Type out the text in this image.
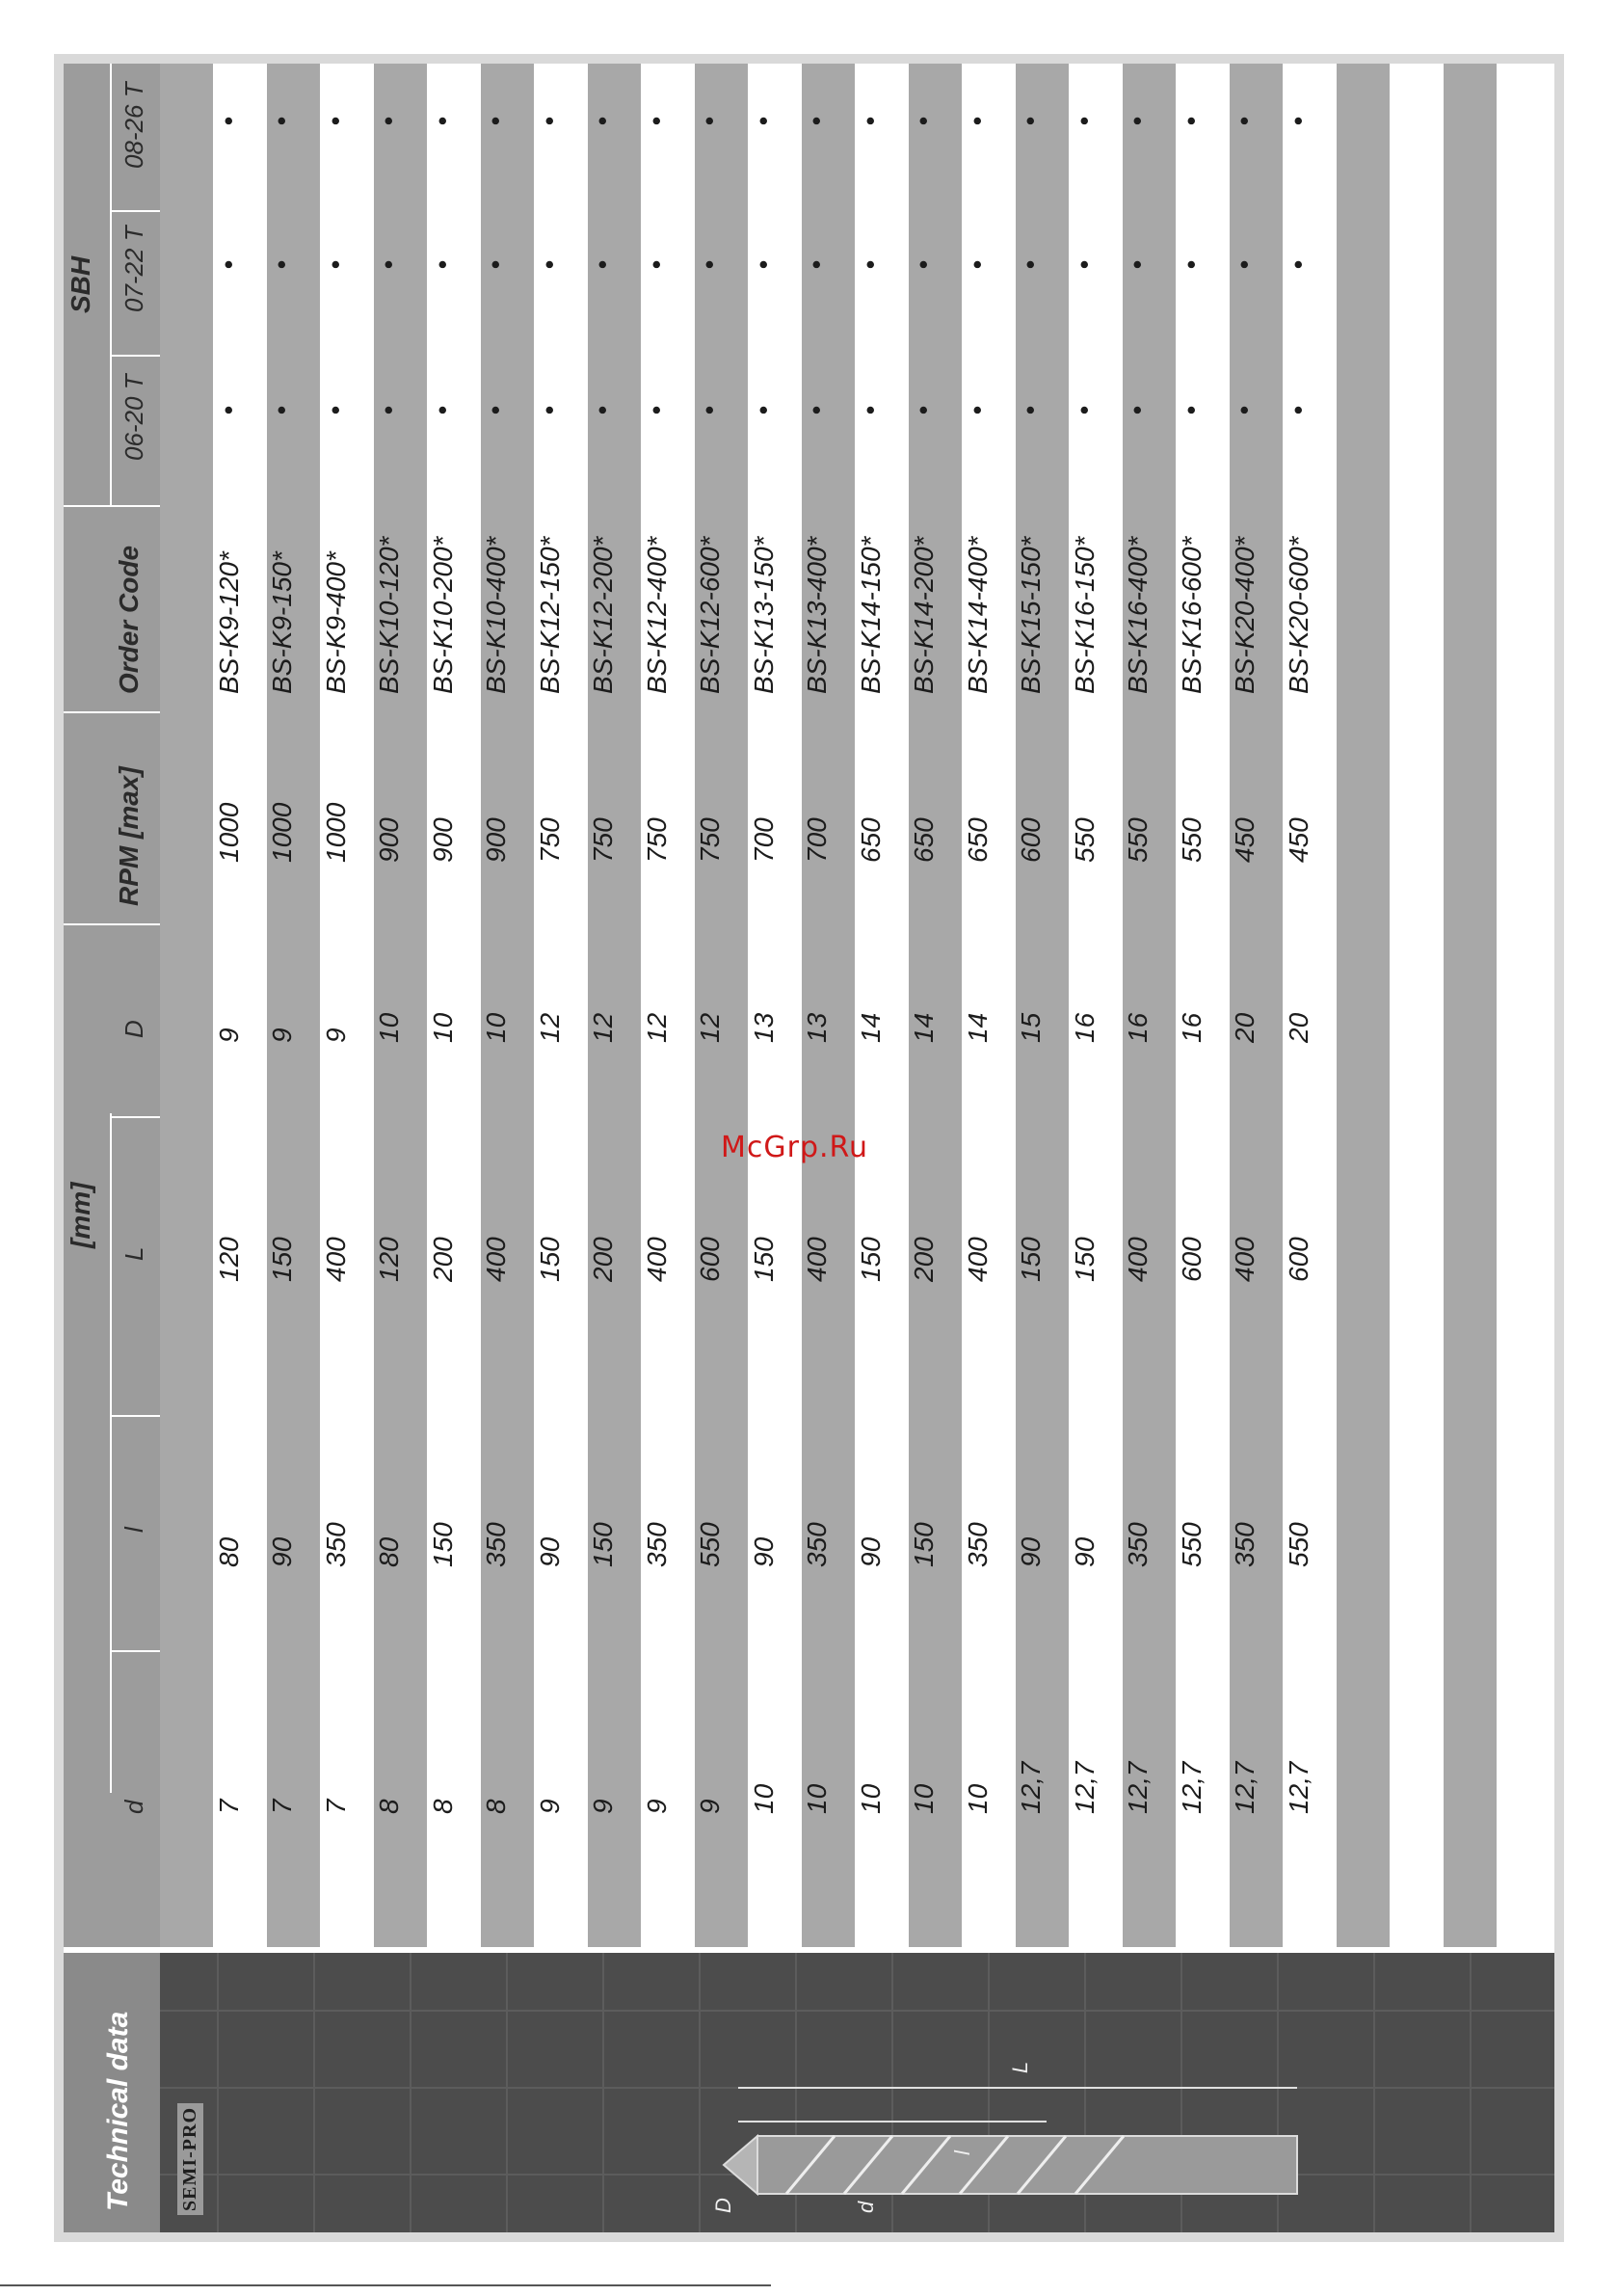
Technical data
[mm]
d
l
L
D
RPM [max]
Order Code
SBH
06-20 T
07-22 T
08-26 T
l
L
D	d
SEMI-PRO
7
80
120
9
1000
BS-K9-120*
•
•
•
7
90
150
9
1000
BS-K9-150*
•
•
•
7
350
400
9
1000
BS-K9-400*
•
•
•
8
80
120
10
900
BS-K10-120*
•
•
•
8
150
200
10
900
BS-K10-200*
•
•
•
8
350
400
10
900
BS-K10-400*
•
•
•
9
90
150
12
750
BS-K12-150*
•
•
•
9
150
200
12
750
BS-K12-200*
•
•
•
9
350
400
12
750
BS-K12-400*
•
•
•
9
550
600
12
750
BS-K12-600*
•
•
•
10
90
150
13
700
BS-K13-150*
•
•
•
10
350
400
13
700
BS-K13-400*
•
•
•
10
90
150
14
650
BS-K14-150*
•
•
•
10
150
200
14
650
BS-K14-200*
•
•
•
10
350
400
14
650
BS-K14-400*
•
•
•
12,7
90
150
15
600
BS-K15-150*
•
•
•
12,7
90
150
16
550
BS-K16-150*
•
•
•
12,7
350
400
16
550
BS-K16-400*
•
•
•
12,7
550
600
16
550
BS-K16-600*
•
•
•
12,7
350
400
20
450
BS-K20-400*
•
•
•
12,7
550
600
20
450
BS-K20-600*
•
•
•
McGrp.Ru
